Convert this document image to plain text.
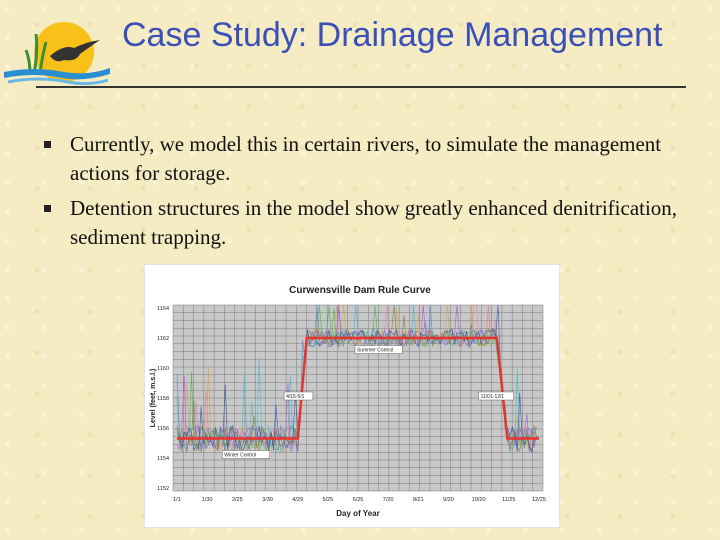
Case Study: Drainage Management
Currently, we model this in certain rivers, to simulate the management actions for storage.
Detention structures in the model show greatly enhanced denitrification, sediment trapping.
Curwensville Dam Rule Curve
1/1	1/30	2/25	3/30	4/29	5/25	6/25	7/20	8/21	9/20	10/20	11/25	12/25
1164
1162
1160
1158
1156
1154
1152
Summer Control
4/15-5/1	11/01-12/1
Winter Control
Day of Year
Level (feet, m.s.l.)
